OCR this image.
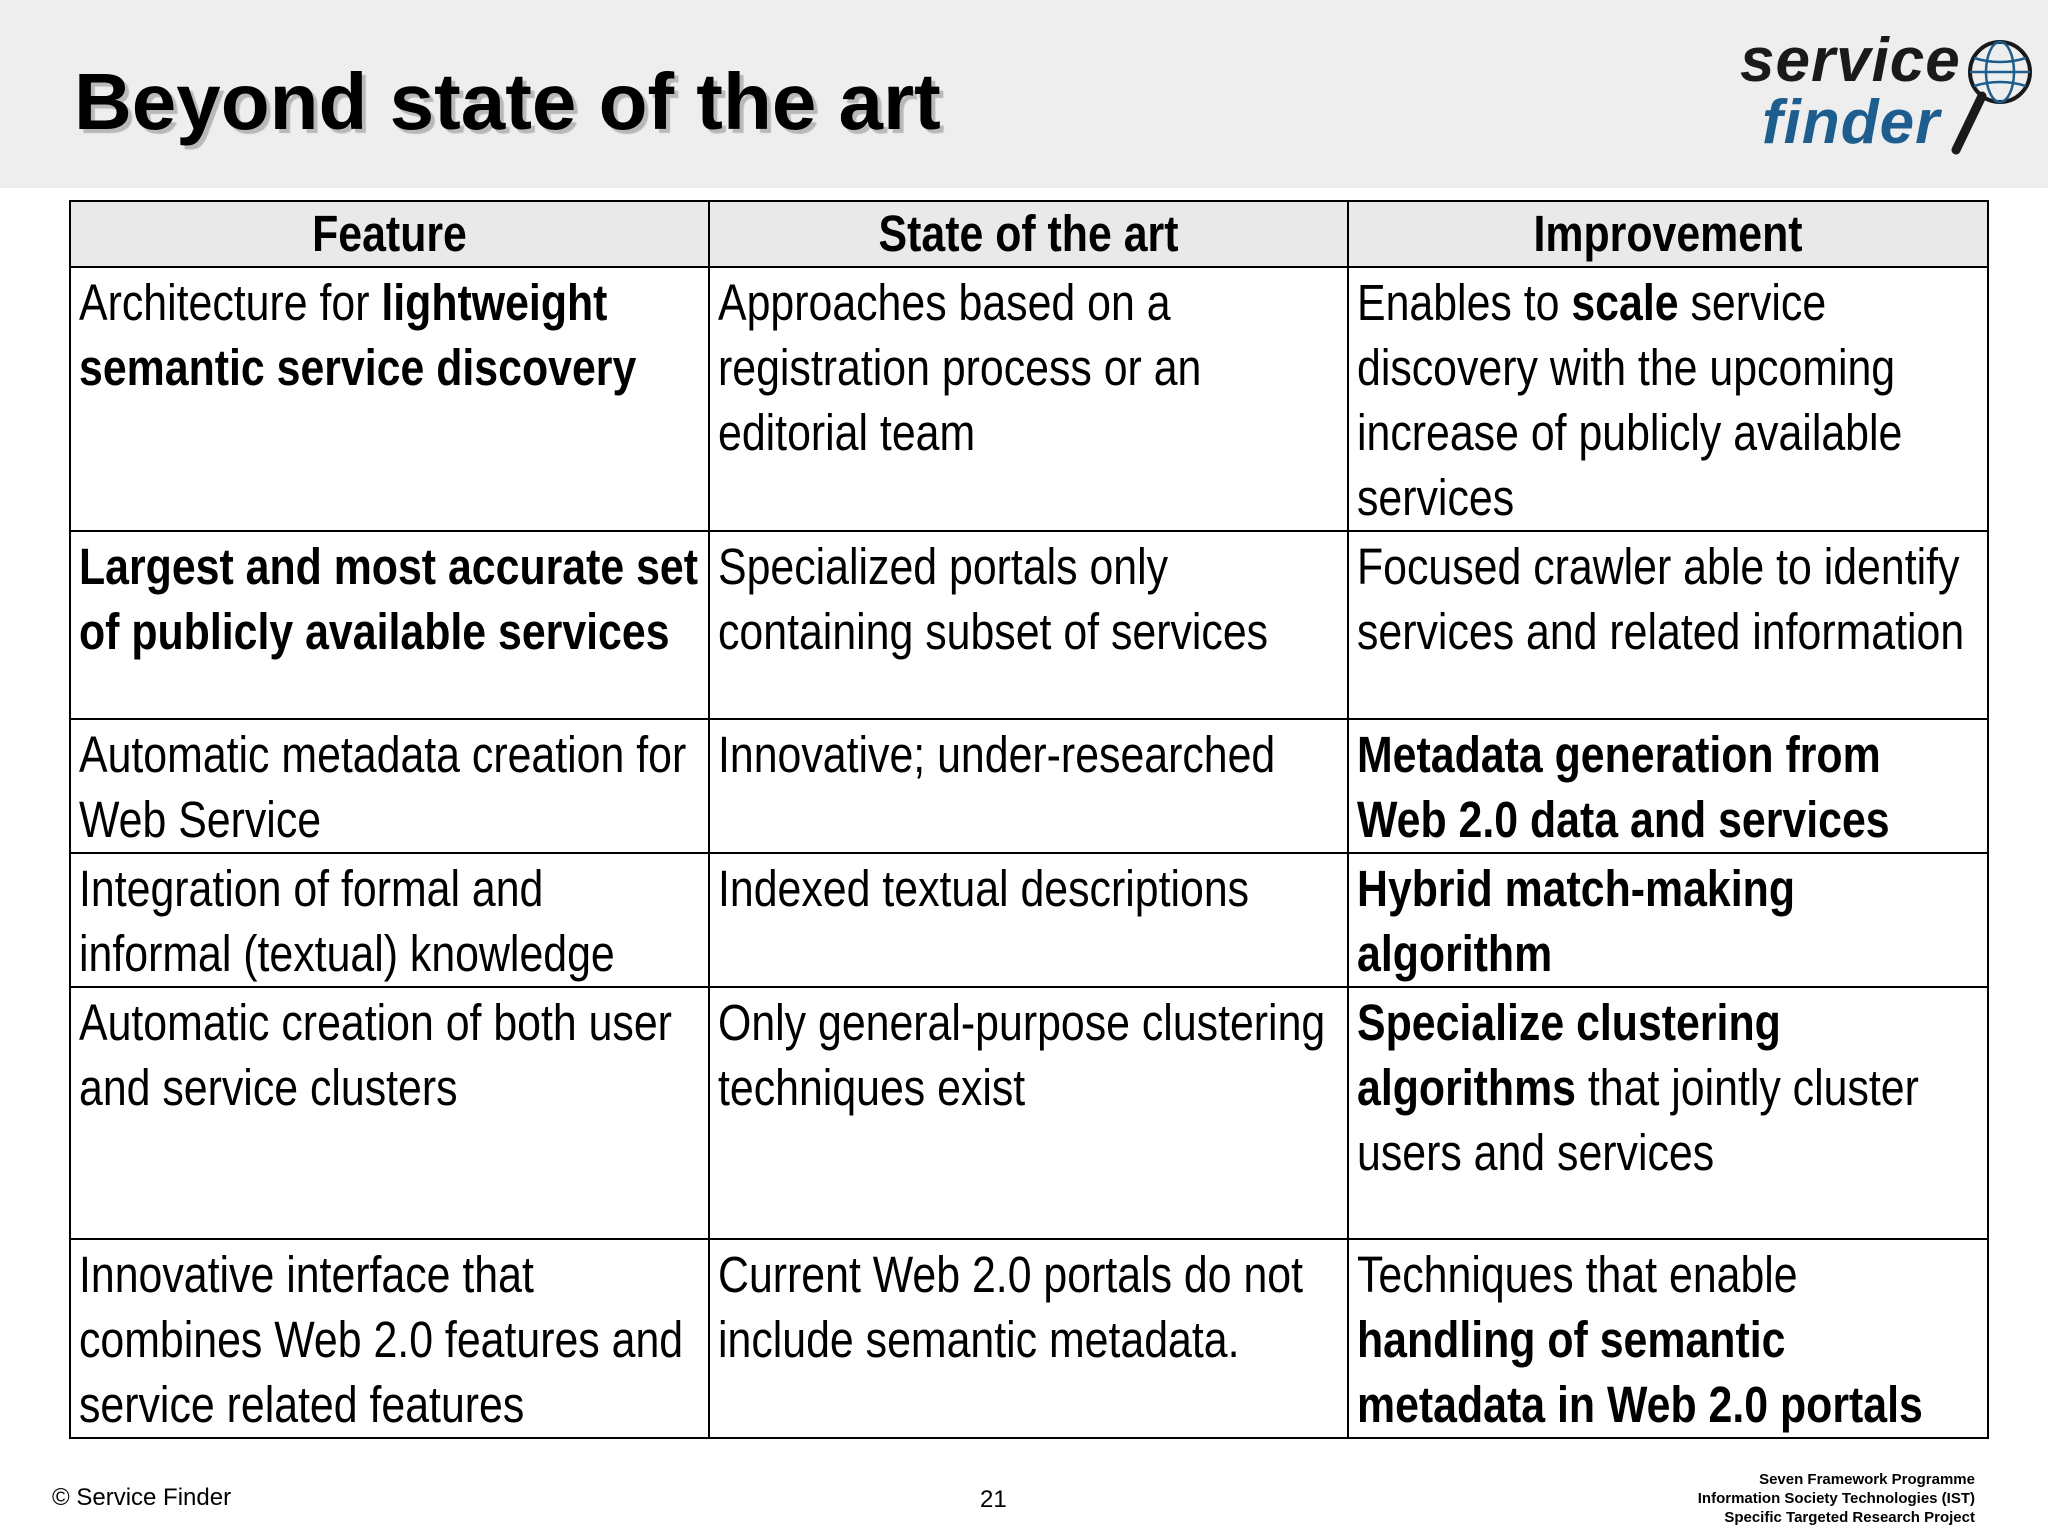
Beyond state of the art	service
finder
Feature	State of the art	Improvement

Architecture for lightweight semantic service discovery	Approaches based on a registration process or an editorial team	Enables to scale service discovery with the upcoming increase of publicly available services

Largest and most accurate set of publicly available services	Specialized portals only containing subset of services	Focused crawler able to identify services and related information

Automatic metadata creation for Web Service	Innovative; under-researched	Metadata generation from Web 2.0 data and services

Integration of formal and informal (textual) knowledge	Indexed textual descriptions	Hybrid match-making algorithm

Automatic creation of both user and service clusters	Only general-purpose clustering techniques exist	Specialize clustering algorithms that jointly cluster users and services

Innovative interface that combines Web 2.0 features and service related features	Current Web 2.0 portals do not include semantic metadata.	Techniques that enable handling of semantic metadata in Web 2.0 portals
© Service Finder	21
Seven Framework Programme
Information Society Technologies (IST)
Specific Targeted Research Project
